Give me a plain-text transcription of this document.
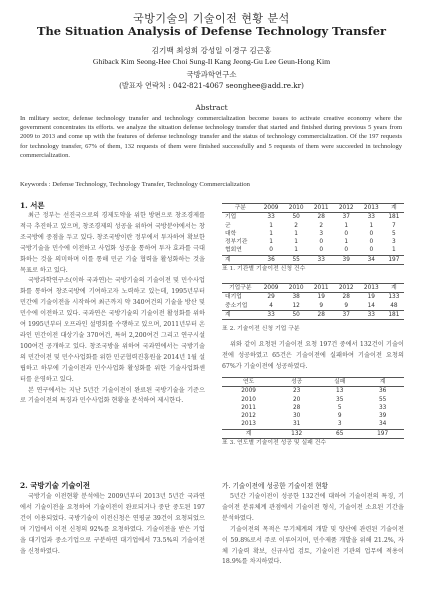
국방기술의 기술이전 현황 분석
The Situation Analysis of Defense Technology Transfer
김기백 최성희 강성일 이경구 김근홍
Ghiback Kim Seong-Hee Choi Sung-Il Kang Jeong-Gu Lee Geun-Hong Kim
국방과학연구소
(발표자 연락처 : 042-821-4067 seonghee@add.re.kr)
Abstract
In military sector, defense technology transfer and technology commercialization become issues to activate creative economy where the government concentrates its efforts. we analyze the situation defense technology transfer that started and finished during previous 5 years from 2009 to 2013 and come up with the features of defense technology transfer and the status of technology commercialization. Of the 197 requests for technology transfer, 67% of them, 132 requests of them were finished successfully and 5 requests of them were succeeded in technology commercialization.
Keywords : Defense Technology, Technology Transfer, Technology Commercialization
1. 서론

최근 정부는 선진국으로의 경제도약을 위한 방편으로 창조경제를 적극 추진하고 있으며, 창조경제의 성공을 위하여 국방분야에서는 창조국방에 중점을 두고 있다. 창조국방이란 정부에서 투자하여 확보한 국방기술을 민수에 이전하고 사업화 성공을 통하여 투자 효과를 극대화하는 것을 의미하며 이를 통해 민군 기술 협력을 활성화하는 것을 목표로 하고 있다.

국방과학연구소(이하 국과연)는 국방기술의 기술이전 및 민수사업화를 통하여 창조국방에 기여하고자 노력하고 있는데, 1995년부터 민간에 기술이전을 시작하여 최근까지 약 340여건의 기술을 방산 및 민수에 이전하고 있다. 국과연은 국방기술의 기술이전 활성화를 위하여 1995년부터 오프라인 설명회를 수행하고 있으며, 2011년부터 온라인 민간이전 대상기술 370여건, 특허 2,200여건 그리고 연구시설 100여건 공개하고 있다. 창조국방을 위하여 국과연에서는 국방기술의 민간이전 및 민수사업화를 위한 민군협력진흥원을 2014년 1월 설립하고 하부에 기술이전과 민수사업화 활성화를 위한 기술사업화센터를 운영하고 있다.

본 연구에서는 지난 5년간 기술이전이 완료된 국방기술을 기준으로 기술이전의 특징과 민수사업화 현황을 분석하여 제시한다.

2. 국방기술 기술이전

국방기술 이전현황 분석에는 2009년부터 2013년 5년간 국과연에서 기술이전을 요청하여 기술이전이 완료되거나 중단 중도된 197건이 이용되었다. 국방기술이 이전신청은 연평균 39건이 요청되었으며 기업에서 이전 신청의 92%를 요청하였다. 기술이전을 받은 기업을 대기업과 중소기업으로 구분하면 대기업에서 73.5%의 기술이전을 신청하였다.

구분	2009	2010	2011	2012	2013	계
기업	33	50	28	37	33	181
군	1	2	2	1	1	7
대학	1	1	3	0	0	5
정부기관	1	1	0	1	0	3
협회연	0	1	0	0	0	1
계	36	55	33	39	34	197
표 1. 기관별 기술이전 신청 건수
기업구분	2009	2010	2011	2012	2013	계
대기업	29	38	19	28	19	133
중소기업	4	12	9	9	14	48
계	33	50	28	37	33	181
표 2. 기술이전 신청 기업 구분

위와 같이 요청된 기술이전 요청 197건 중에서 132건이 기술이전에 성공하였고 65건은 기술이전에 실패하여 기술이전 요청의 67%가 기술이전에 성공하였다.

연도	성공	실패	계
2009	23	13	36
2010	20	35	55
2011	28	5	33
2012	30	9	39
2013	31	3	34
계	132	65	197
표 3. 연도별 기술이전 성공 및 실패 건수
가. 기술이전에 성공한 기술이전 현황

5년간 기술이전이 성공한 132건에 대하여 기술이전의 특징, 기술이전 분류체계 관점에서 기술이전 형식, 기술이전 소요된 기간을 분석하였다.

기술이전의 목적은 무기체계의 개발 및 양산에 관련된 기술이전이 59.8%로서 주로 이루어지며, 민수제품 개발을 위해 21.2%, 자체 기술력 확보, 신규사업 검토, 기술이전 기관의 업무에 적용이 18.9%를 차지하였다.
